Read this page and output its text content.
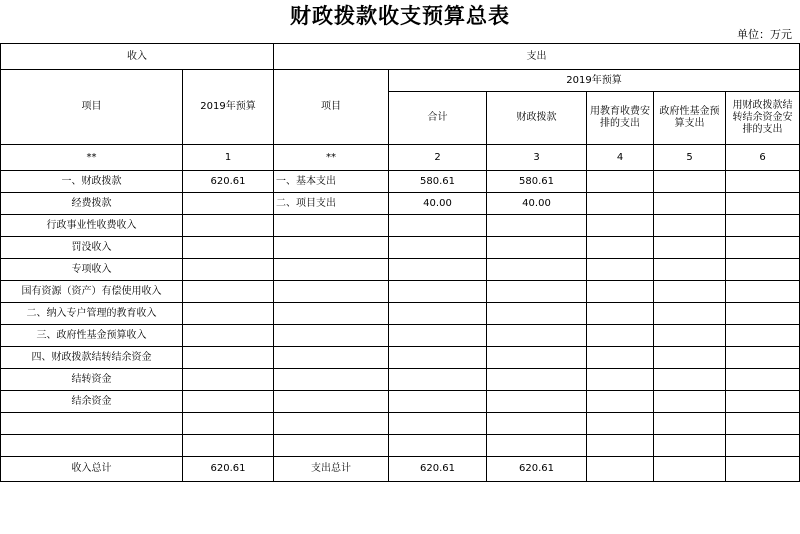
财政拨款收支预算总表
单位：万元
收入		支出					
项目	2019年预算	项目	2019年预算				
			合计	财政拨款	用教育收费安排的支出	政府性基金预算支出	用财政拨款结转结余资金安排的支出
**	1	**	2	3	4	5	6
一、财政拨款	620.61	一、基本支出	580.61	580.61			
经费拨款		二、项目支出	40.00	40.00			
行政事业性收费收入							
罚没收入							
专项收入							
国有资源（资产）有偿使用收入							
二、纳入专户管理的教育收入							
三、政府性基金预算收入							
四、财政拨款结转结余资金							
结转资金							
结余资金							

收入总计	620.61	支出总计	620.61	620.61			
